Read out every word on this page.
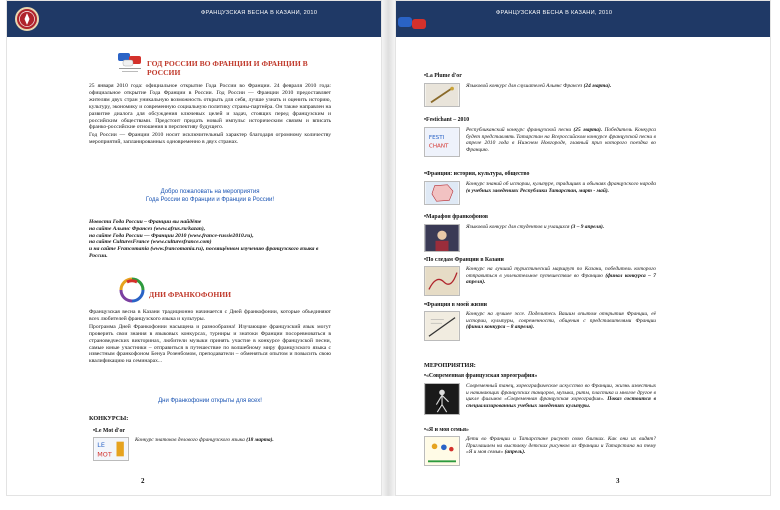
ФРАНЦУЗСКАЯ ВЕСНА В КАЗАНИ, 2010
ГОД РОССИИ ВО ФРАНЦИИ И ФРАНЦИИ В РОССИИ

25 января 2010 года: официальное открытие Года России во Франции. 24 февраля 2010 года: официальное открытие Года Франции в России. Год России — Франции 2010 предоставляет жителям двух стран уникальную возможность открыть для себя, лучше узнать и оценить историю, культуру, экономику и современную социальную политику страны-партнёра. Он также направлен на развитие диалога для обсуждения ключевых целей и задач, стоящих перед французским и российским обществами. Предстоит придать новый импульс историческим связям и вписать франко-российские отношения в перспективу будущего.

Год России — Франции 2010 носит исключительный характер благодаря огромному количеству мероприятий, запланированных одновременно в двух странах.

Добро пожаловать на мероприятия
Года России во Франции и Франции в России!
Новости Года России – Франции вы найдёте
на сайте Альянс Франсез (www.afrus.ru/kazan),
на сайте Года России — Франции 2010 (www.france-russie2010.ru),
на сайте CulturesFrance (www.culturesfrance.com)
и на сайте Francomania (www.francomania.ru), посвящённом изучению французского языка в России.
ДНИ ФРАНКОФОНИИ

Французская весна в Казани традиционно начинается с Дней франкофонии, которые объединяют всех любителей французского языка и культуры.

Программа Дней Франкофонии насыщена и разнообразна! Изучающие французский язык могут проверить свои знания в языковых конкурсах, турниры и знатоки Франции посоревноваться в страноведческих викторинах, любители музыки принять участие в конкурсе французской песни, самые юные участники – отправиться в путешествие по волшебному миру французского языка с известным франкофоном Бенуа Розенбомом, преподаватели – обменяться опытом и повысить свою квалификацию на семинарах...

Дни Франкофонии открыты для всех!
КОНКУРСЫ:
• Le Mot d'or
LE
MOT
Конкурс знатоков делового французского языка (18 марта).
2
ФРАНЦУЗСКАЯ ВЕСНА В КАЗАНИ, 2010
• La Plume d'or
Языковой конкурс для слушателей Альянс Франсез (24 марта).
• Festichant – 2010
FESTI
CHANT
Республиканский конкурс французской песни (25 марта). Победитель Конкурса будет представлять Татарстан на Всероссийском конкурсе французской песни в апреле 2010 года в Нижнем Новгороде, главный приз которого поездка во Францию.
• Франция: история, культура, общество
Конкурс знаний об истории, культуре, традициях и обычаях французского народа (в учебных заведениях Республики Татарстан, март - май).
• Марафон франкофонов
Языковой конкурс для студентов и учащихся (3 – 9 апреля).
• По следам Франции в Казани
Конкурс на лучший туристический маршрут по Казани, победитель которого отправиться в увлекательное путешествие во Францию (финал конкурса – 7 апреля).
• Франция в моей жизни
Конкурс на лучшее эссе. Поделитесь Вашим опытом открытия Франции, её истории, культуры, современности, общения с представителями Франции (финал конкурса – 8 апреля).
МЕРОПРИЯТИЯ:
• «Современная французская хореография»
Современный танец, хореографическое искусство во Франции, жизнь известных и начинающих французских танцоров, музыка, ритм, пластика и многое другое в цикле фильмов «Современная французская хореография». Показ состоится в специализированных учебных заведениях культуры.
• «Я и моя семья»
Дети во Франции и Татарстане рисуют свою близких. Как они их видят? Приглашаем на выставку детских рисунков из Франции и Татарстана на тему «Я и моя семья» (апрель).
3
